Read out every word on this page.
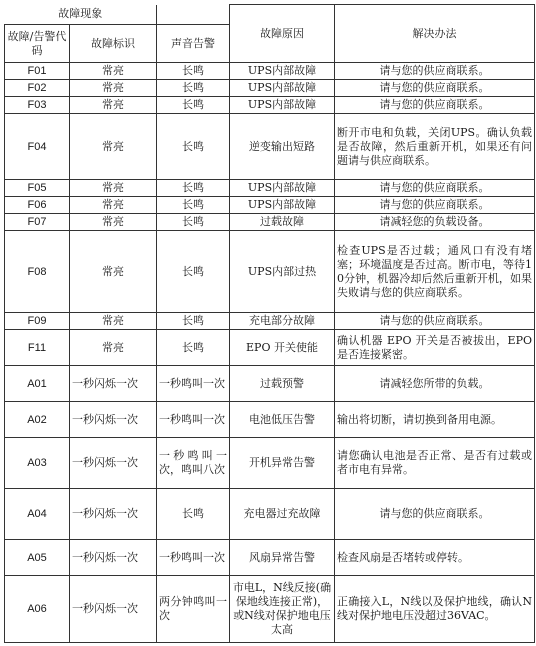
故障现象			故障原因	解决办法
故障/告警代码	故障标识	声音告警		
F01	常亮	长鸣	UPS内部故障	请与您的供应商联系。
F02	常亮	长鸣	UPS内部故障	请与您的供应商联系。
F03	常亮	长鸣	UPS内部故障	请与您的供应商联系。
F04	常亮	长鸣	逆变输出短路	断开市电和负载，关闭UPS。确认负载是否故障，然后重新开机，如果还有问题请与供应商联系。
F05	常亮	长鸣	UPS内部故障	请与您的供应商联系。
F06	常亮	长鸣	UPS内部故障	请与您的供应商联系。
F07	常亮	长鸣	过载故障	请减轻您的负载设备。
F08	常亮	长鸣	UPS内部过热	检查UPS是否过载；通风口有没有堵塞；环境温度是否过高。断市电，等待10分钟，机器冷却后然后重新开机，如果失败请与您的供应商联系。
F09	常亮	长鸣	充电部分故障	请与您的供应商联系。
F11	常亮	长鸣	EPO 开关使能	确认机器 EPO 开关是否被拔出，EPO是否连接紧密。
A01	一秒闪烁一次	一秒鸣叫一次	过载预警	请减轻您所带的负载。
A02	一秒闪烁一次	一秒鸣叫一次	电池低压告警	输出将切断，请切换到备用电源。
A03	一秒闪烁一次	一秒鸣叫一次，鸣叫八次	开机异常告警	请您确认电池是否正常、是否有过载或者市电有异常。
A04	一秒闪烁一次	长鸣	充电器过充故障	请与您的供应商联系。
A05	一秒闪烁一次	一秒鸣叫一次	风扇异常告警	检查风扇是否堵转或停转。
A06	一秒闪烁一次	两分钟鸣叫一次	市电L，N线反接(确保地线连接正常)，或N线对保护地电压太高	正确接入L，N线以及保护地线，确认N线对保护地电压没超过36VAC。
